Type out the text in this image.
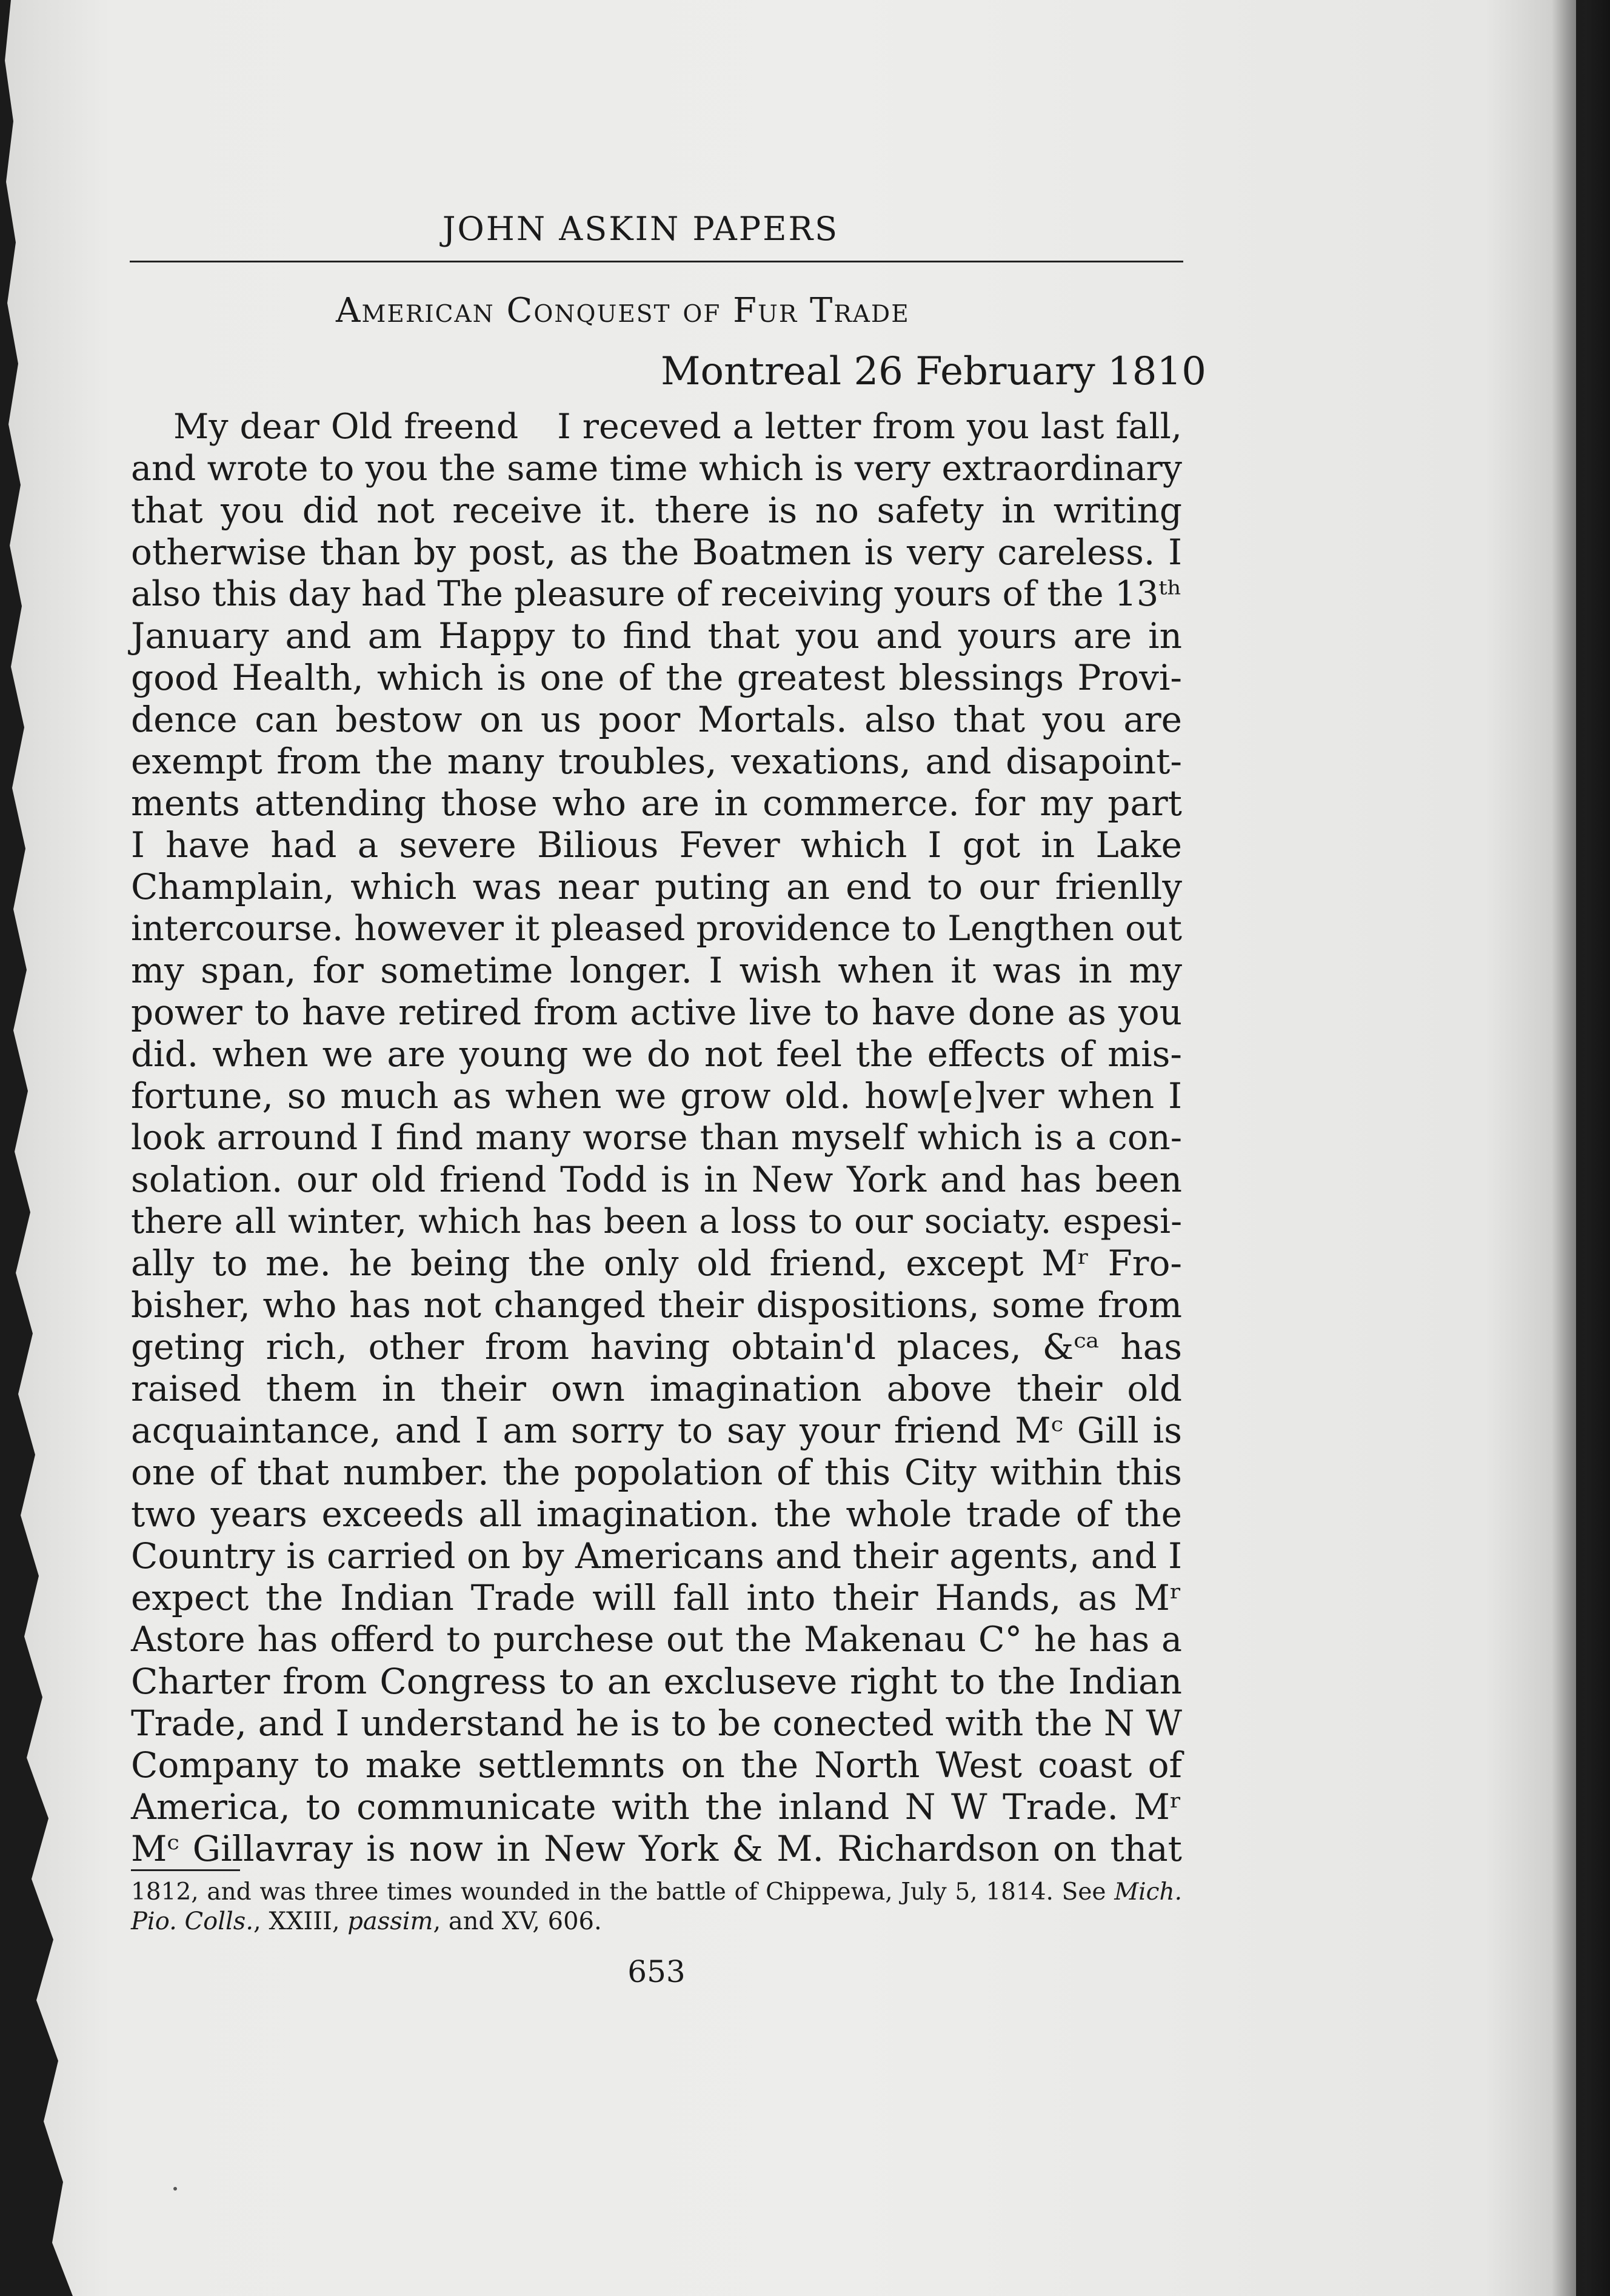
JOHN ASKIN PAPERS
American Conquest of Fur Trade
Montreal 26 February 1810
My dear Old freend I receved a letter from you last fall,
and wrote to you the same time which is very extraordinary
that you did not receive it. there is no safety in writing
otherwise than by post, as the Boatmen is very careless. I
also this day had The pleasure of receiving yours of the 13ᵗʰ
January and am Happy to find that you and yours are in
good Health, which is one of the greatest blessings Provi-
dence can bestow on us poor Mortals. also that you are
exempt from the many troubles, vexations, and disapoint-
ments attending those who are in commerce. for my part
I have had a severe Bilious Fever which I got in Lake
Champlain, which was near puting an end to our frienlly
intercourse. however it pleased providence to Lengthen out
my span, for sometime longer. I wish when it was in my
power to have retired from active live to have done as you
did. when we are young we do not feel the effects of mis-
fortune, so much as when we grow old. how[e]ver when I
look arround I find many worse than myself which is a con-
solation. our old friend Todd is in New York and has been
there all winter, which has been a loss to our sociaty. espesi-
ally to me. he being the only old friend, except Mʳ Fro-
bisher, who has not changed their dispositions, some from
geting rich, other from having obtain'd places, &ᶜᵃ has
raised them in their own imagination above their old
acquaintance, and I am sorry to say your friend Mᶜ Gill is
one of that number. the popolation of this City within this
two years exceeds all imagination. the whole trade of the
Country is carried on by Americans and their agents, and I
expect the Indian Trade will fall into their Hands, as Mʳ
Astore has offerd to purchese out the Makenau C° he has a
Charter from Congress to an excluseve right to the Indian
Trade, and I understand he is to be conected with the N W
Company to make settlemnts on the North West coast of
America, to communicate with the inland N W Trade. Mʳ
Mᶜ Gillavray is now in New York & M. Richardson on that
1812, and was three times wounded in the battle of Chippewa, July 5, 1814. See Mich.
Pio. Colls., XXIII, passim, and XV, 606.
653
